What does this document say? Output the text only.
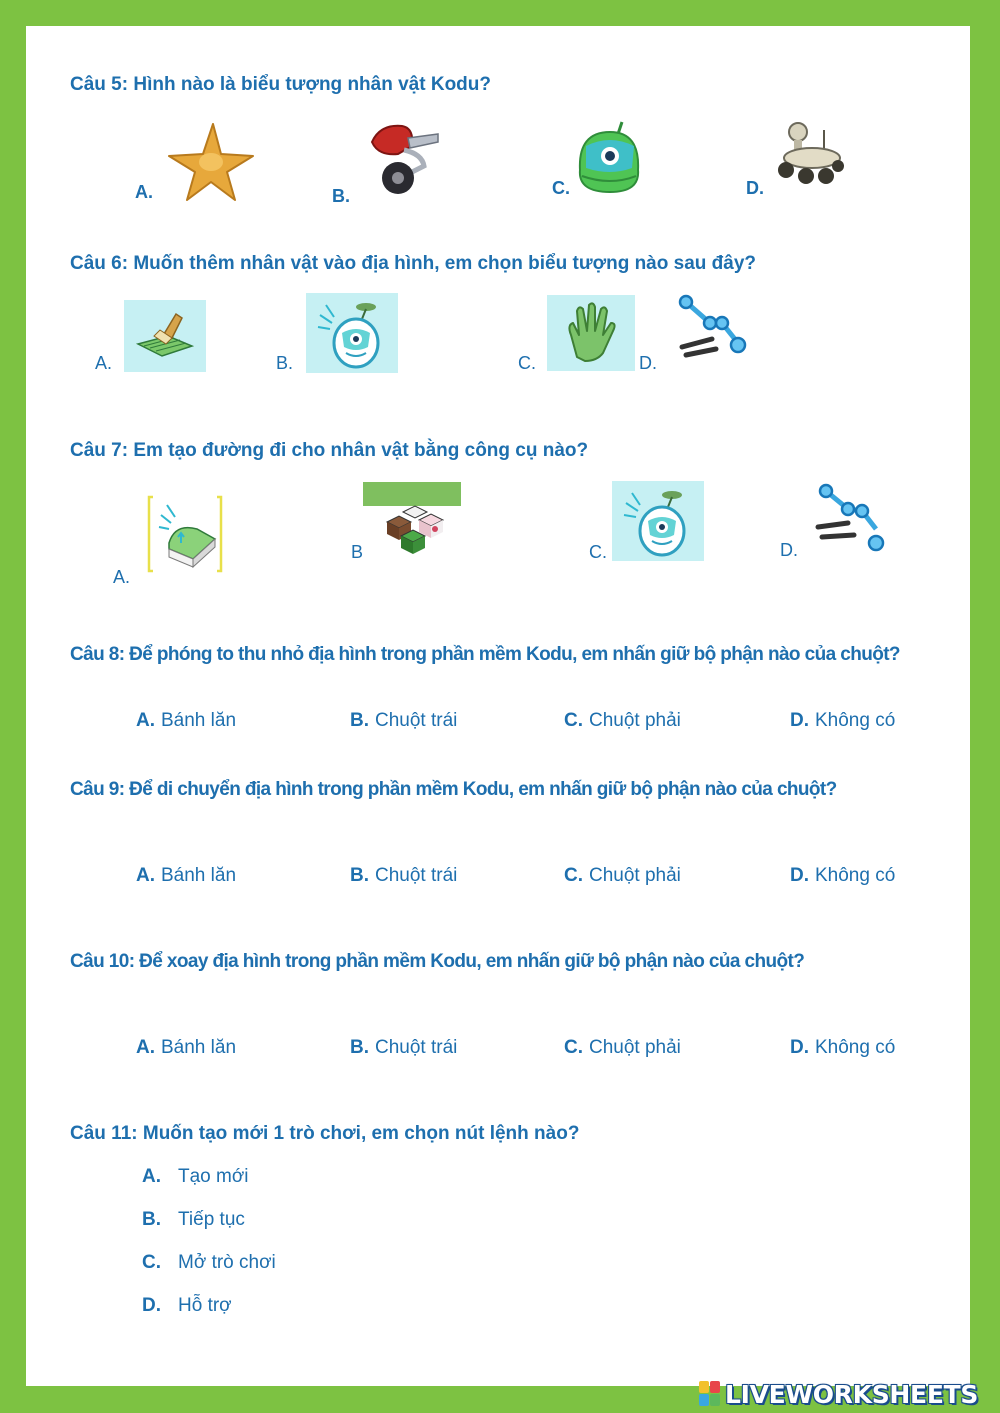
Câu 5: Hình nào là biểu tượng nhân vật Kodu?
A.	B.	C.	D.
Câu 6: Muốn thêm nhân vật vào địa hình, em chọn biểu tượng nào sau đây?
A.	B.	C.	D.
Câu 7: Em tạo đường đi cho nhân vật bằng công cụ nào?
A.
B	C.	D.
Câu 8: Để phóng to thu nhỏ địa hình trong phần mềm Kodu, em nhấn giữ bộ phận nào của chuột?
A. Bánh lăn	B. Chuột trái	C. Chuột phải	D. Không có
Câu 9: Để di chuyển địa hình trong phần mềm Kodu, em nhấn giữ bộ phận nào của chuột?
A. Bánh lăn	B. Chuột trái	C. Chuột phải	D. Không có
Câu 10: Để xoay địa hình trong phần mềm Kodu, em nhấn giữ bộ phận nào của chuột?
A. Bánh lăn	B. Chuột trái	C. Chuột phải	D. Không có
Câu 11: Muốn tạo mới 1 trò chơi, em chọn nút lệnh nào?
A. Tạo mới
B. Tiếp tục
C. Mở trò chơi
D. Hỗ trợ
LIVEWORKSHEETS
